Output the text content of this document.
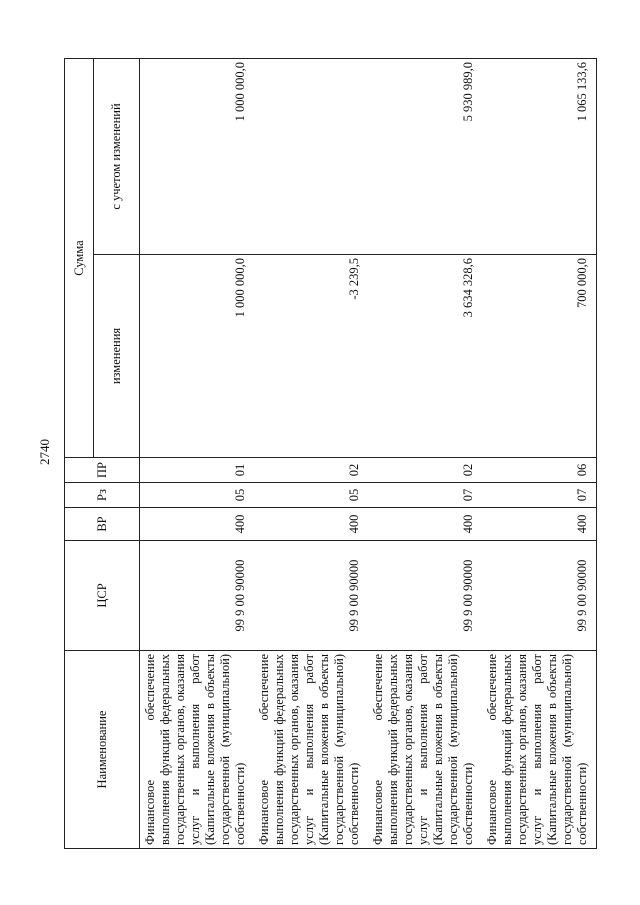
2740
Наименование	ЦСР	ВР	Рз	ПР	Сумма	
					изменения	с учетом изменений
Финансовое обеспечение выполнения функций федеральных государственных органов, оказания услуг и выполнения работ (Капитальные вложения в объекты государственной (муниципальной) собственности)	99 9 00 90000	400	05	01	1 000 000,0	1 000 000,0
Финансовое обеспечение выполнения функций федеральных государственных органов, оказания услуг и выполнения работ (Капитальные вложения в объекты государственной (муниципальной) собственности)	99 9 00 90000	400	05	02	-3 239,5	
Финансовое обеспечение выполнения функций федеральных государственных органов, оказания услуг и выполнения работ (Капитальные вложения в объекты государственной (муниципальной) собственности)	99 9 00 90000	400	07	02	3 634 328,6	5 930 989,0
Финансовое обеспечение выполнения функций федеральных государственных органов, оказания услуг и выполнения работ (Капитальные вложения в объекты государственной (муниципальной) собственности)	99 9 00 90000	400	07	06	700 000,0	1 065 133,6
